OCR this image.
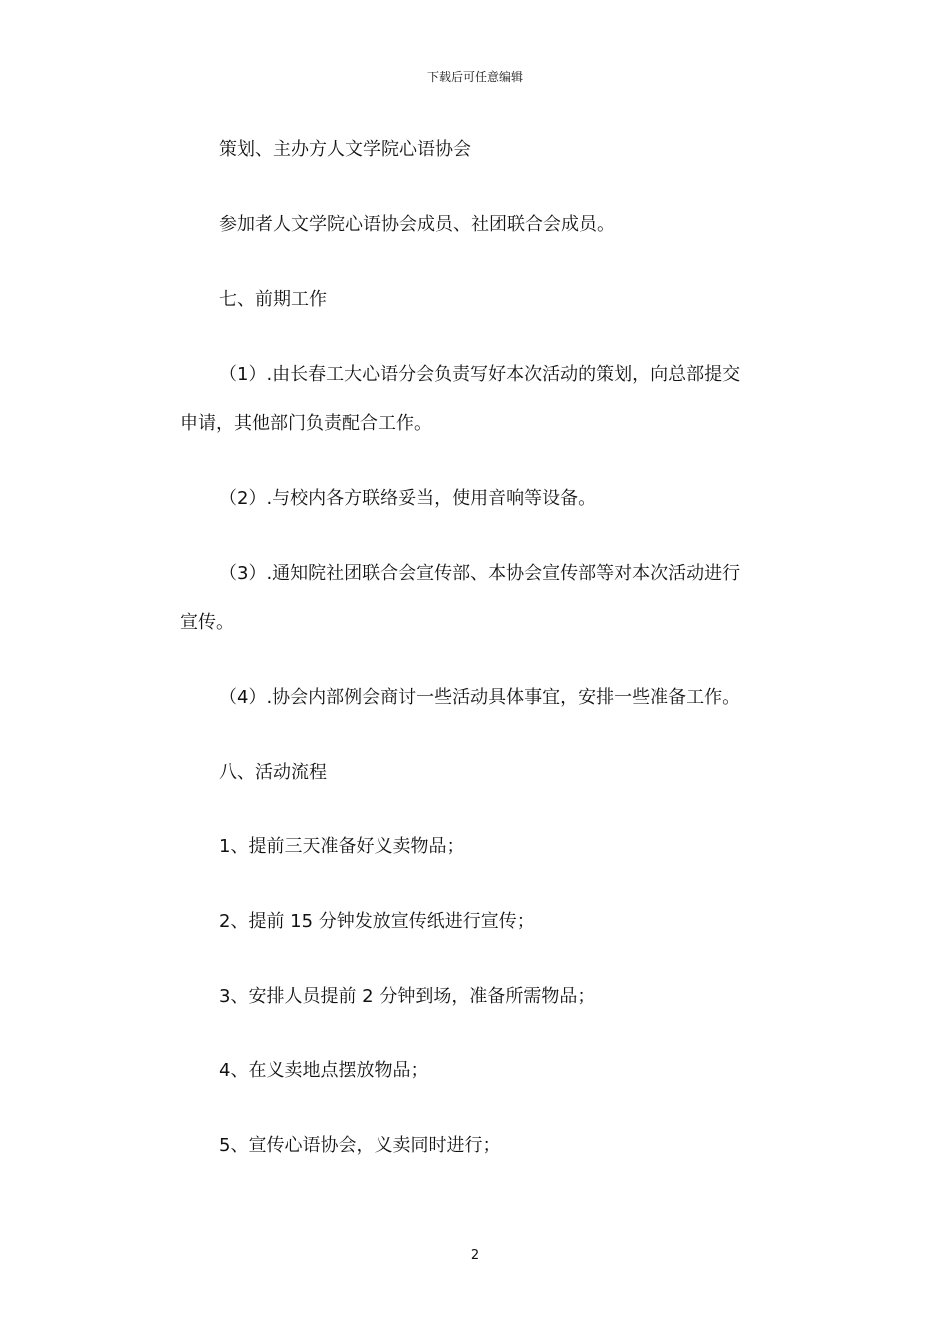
下载后可任意编辑
策划、主办方人文学院心语协会
参加者人文学院心语协会成员、社团联合会成员。
七、前期工作
（1）.由长春工大心语分会负责写好本次活动的策划，向总部提交
申请，其他部门负责配合工作。
（2）.与校内各方联络妥当，使用音响等设备。
（3）.通知院社团联合会宣传部、本协会宣传部等对本次活动进行
宣传。
（4）.协会内部例会商讨一些活动具体事宜，安排一些准备工作。
八、活动流程
1、提前三天准备好义卖物品；
2、提前 15 分钟发放宣传纸进行宣传；
3、安排人员提前 2 分钟到场，准备所需物品；
4、在义卖地点摆放物品；
5、宣传心语协会，义卖同时进行；
2
